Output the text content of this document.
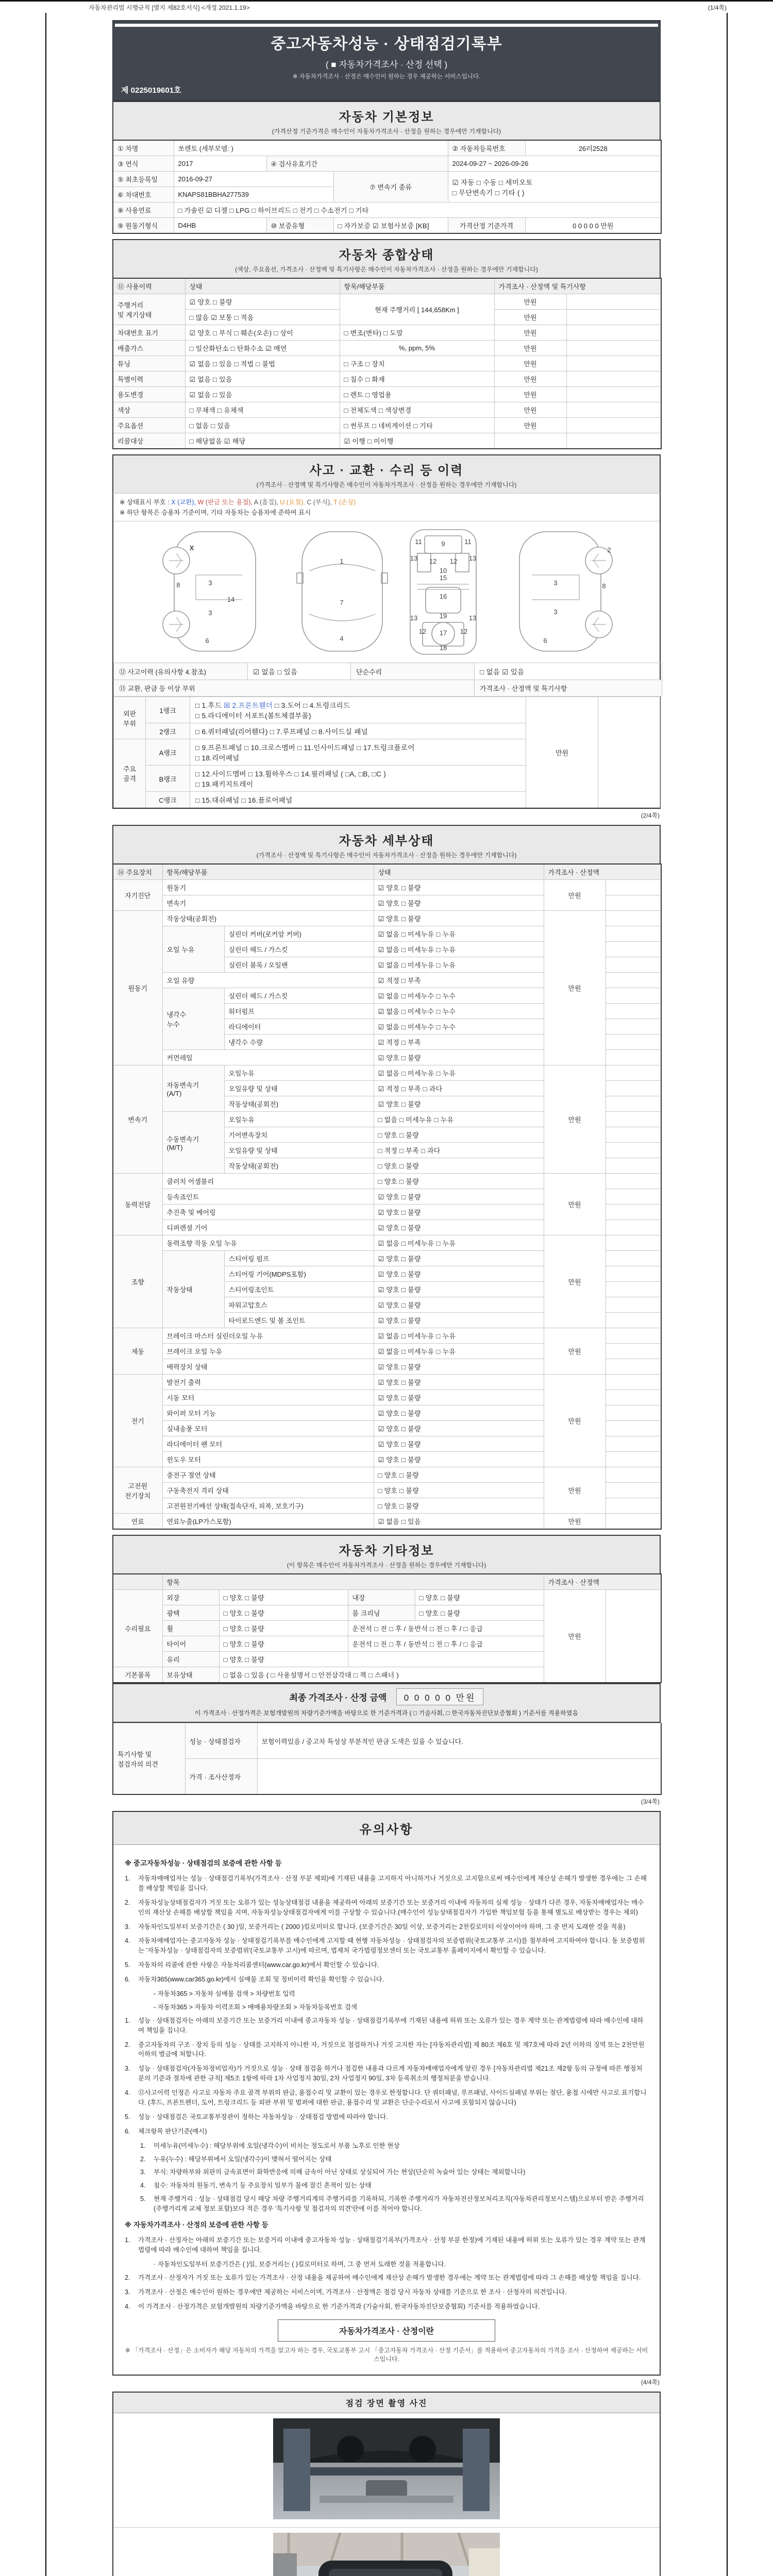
자동차관리법 시행규칙 [별지 제82호서식] <개정 2021.1.19>	(1/4쪽)
중고자동차성능 · 상태점검기록부
( ■ 자동차가격조사 · 산정 선택 )
※ 자동차가격조사 · 산정은 매수인이 원하는 경우 제공하는 서비스입니다.
제 0225019601호
자동차 기본정보
(가격산정 기준가격은 매수인이 자동차가격조사 · 산정을 원하는 경우에만 기재합니다)
① 차명	쏘렌토 (세부모델: )			② 자동차등록번호	26러2528
③ 연식	2017	④ 검사유효기간		2024-09-27 ~ 2026-09-26	
⑤ 최초등록일	2016-09-27		⑦ 변속기 종류	☑ 자동 □ 수동 □ 세미오토
□ 무단변속기 □ 기타 ( )	

⑥ 차대번호	KNAPS81BBHA277539				
⑧ 사용연료	□ 가솔린 ☑ 디젤 □ LPG □ 하이브리드 □ 전기 □ 수소전기 □ 기타				
⑨ 원동기형식	D4HB	⑩ 보증유형	□ 자가보증 ☑ 보험사보증 [KB]	가격산정 기준가격	0 0 0 0 0 만원
자동차 종합상태
(색상, 주요옵션, 가격조사 · 산정액 및 특기사항은 매수인이 자동차가격조사 · 산정을 원하는 경우에만 기재합니다)
⑪ 사용이력	상태	항목/해당부품	가격조사 · 산정액 및 특기사항	
주행거리
및 계기상태	☑ 양호 □ 불량	현재 주행거리 [ 144,658Km ]	만원	
	□ 많음 ☑ 보통 □ 적음		만원	
차대번호 표기	☑ 양호 □ 부식 □ 훼손(오손) □ 상이	□ 변조(변타) □ 도말	만원	
배출가스	□ 일산화탄소 □ 탄화수소 ☑ 매연	%, ppm, 5%	만원	
튜닝	☑ 없음 □ 있음 □ 적법 □ 불법	□ 구조 □ 장치	만원	
특별이력	☑ 없음 □ 있음	□ 침수 □ 화재	만원	
용도변경	☑ 없음 □ 있음	□ 렌트 □ 영업용	만원	
색상	□ 무채색 □ 유채색	□ 전체도색 □ 색상변경	만원	
주요옵션	□ 없음 □ 있음	□ 썬루프 □ 네비게이션 □ 기타	만원	
리콜대상	□ 해당없음 ☑ 해당	☑ 이행 □ 미이행		
사고 · 교환 · 수리 등 이력
(가격조사 · 산정액 및 특기사항은 매수인이 자동차가격조사 · 산정을 원하는 경우에만 기재합니다)
※ 상태표시 부호 : X (교환), W (판금 또는 용접), A (흠집), U (요철), C (부식), T (손상)
※ 하단 항목은 승용차 기준이며, 기타 자동차는 승용차에 준하여 표시
X
8	3
14
3
6
1
7
4
11	9	11
13 12 12 13
10
15
16
13	19	13
12 17 12
18
2
3	8
3
6
⑫ 사고이력 (유의사항 4.참조)	☑ 없음 □ 있음	단순수리	□ 없음 ☑ 있음
⑬ 교환, 판금 등 이상 부위			가격조사 · 산정액 및 특기사항
외판
부위	1랭크	
□ 1.후드 ☒ 2.프론트휀더 □ 3.도어 □ 4.트렁크리드
□ 5.라디에이터 서포트(볼트체결부품)
	만원	
	2랭크	□ 6.쿼터패널(리어휀다) □ 7.루프패널 □ 8.사이드실 패널		
주요
골격	A랭크	
□ 9.프론트패널 □ 10.크로스멤버 □ 11.인사이드패널 □ 17.트렁크플로어
□ 18.리어패널

	B랭크	□ 12.사이드멤버 □ 13.휠하우스 □ 14.필러패널 ( □A, □B, □C )
□ 19.패키지트레이		

	C랭크	□ 15.대쉬패널 □ 16.플로어패널		
(2/4쪽)
자동차 세부상태
(가격조사 · 산정액 및 특기사항은 매수인이 자동차가격조사 · 산정을 원하는 경우에만 기재합니다)
⑭ 주요장치	항목/해당부품		상태	가격조사 · 산정액	
자기진단	원동기		☑ 양호 □ 불량	만원	
	변속기		☑ 양호 □ 불량		
원동기	작동상태(공회전)		☑ 양호 □ 불량	만원	
	오일 누유	실린더 커버(로커암 커버)	☑ 없음 □ 미세누유 □ 누유		
		실린더 헤드 / 가스킷	☑ 없음 □ 미세누유 □ 누유		
		실린더 블록 / 오일팬	☑ 없음 □ 미세누유 □ 누유		
	오일 유량		☑ 적정 □ 부족		
	냉각수
누수	실린더 헤드 / 가스킷	☑ 없음 □ 미세누수 □ 누수		
		워터펌프	☑ 없음 □ 미세누수 □ 누수		
		라디에이터	☑ 없음 □ 미세누수 □ 누수		
		냉각수 수량	☑ 적정 □ 부족		
	커먼레일		☑ 양호 □ 불량		
변속기	자동변속기
(A/T)	오일누유	☑ 없음 □ 미세누유 □ 누유	만원	
		오일유량 및 상태	☑ 적정 □ 부족 □ 과다		
		작동상태(공회전)	☑ 양호 □ 불량		
	수동변속기
(M/T)	오일누유	□ 없음 □ 미세누유 □ 누유		
		기어변속장치	□ 양호 □ 불량		
		오일유량 및 상태	□ 적정 □ 부족 □ 과다		
		작동상태(공회전)	□ 양호 □ 불량		
동력전달	클러치 어셈블리		□ 양호 □ 불량	만원	
	등속죠인트		☑ 양호 □ 불량		
	추진축 및 베어링		☑ 양호 □ 불량		
	디퍼렌셜 기어		☑ 양호 □ 불량		
조향	동력조향 작동 오일 누유		☑ 없음 □ 미세누유 □ 누유	만원	
	작동상태	스티어링 펌프	☑ 양호 □ 불량		
		스티어링 기어(MDPS포함)	☑ 양호 □ 불량		
		스티어링조인트	☑ 양호 □ 불량		
		파워고압호스	☑ 양호 □ 불량		
		타이로드엔드 및 볼 조인트	☑ 양호 □ 불량		
제동	브레이크 마스터 실린더오일 누유		☑ 없음 □ 미세누유 □ 누유	만원	
	브레이크 오일 누유		☑ 없음 □ 미세누유 □ 누유		
	배력장치 상태		☑ 양호 □ 불량		
전기	발전기 출력		☑ 양호 □ 불량	만원	
	시동 모터		☑ 양호 □ 불량		
	와이퍼 모터 기능		☑ 양호 □ 불량		
	실내송풍 모터		☑ 양호 □ 불량		
	라디에이터 팬 모터		☑ 양호 □ 불량		
	윈도우 모터		☑ 양호 □ 불량		
고전원
전기장치	충전구 절연 상태		□ 양호 □ 불량	만원	
	구동축전지 격리 상태		□ 양호 □ 불량		
	고전원전기배선 상태(접속단자, 피복, 보호기구)		□ 양호 □ 불량		
연료	연료누출(LP가스포함)		☑ 없음 □ 있음	만원	
자동차 기타정보
(이 항목은 매수인이 자동차가격조사 · 산정을 원하는 경우에만 기재합니다)
	항목				가격조사 · 산정액	
수리필요	외장	□ 양호 □ 불량	내장	□ 양호 □ 불량	만원	
	광택	□ 양호 □ 불량	룸 크리닝	□ 양호 □ 불량		
	휠	□ 양호 □ 불량	운전석 □ 전 □ 후 / 동반석 □ 전 □ 후 / □ 응급			
	타이어	□ 양호 □ 불량	운전석 □ 전 □ 후 / 동반석 □ 전 □ 후 / □ 응급			
	유리	□ 양호 □ 불량				
기본품목	보유상태	□ 없음 □ 있음 ( □ 사용설명서 □ 안전삼각대 □ 잭 □ 스패너 )				
최종 가격조사 · 산정 금액 0 0 0 0 0 만원
이 가격조사 · 산정가격은 보험개발원의 차량기준가액을 바탕으로 한 기준가격과 ( □ 기술사회, □ 한국자동차진단보증협회 ) 기준서를 적용하였음
특기사항 및
점검자의 의견	성능 · 상태점검자	보험이력있음 / 중고차 특성상 부분적인 판금 도색은 있을 수 있습니다.
	가격 · 조사산정자	
(3/4쪽)
유의사항
※ 중고자동차성능 · 상태점검의 보증에 관한 사항 등
1.	자동차매매업자는 성능 · 상태점검기록부(가격조사 · 산정 부분 제외)에 기재된 내용을 고지하지 아니하거나 거짓으로 고지함으로써 매수인에게 재산상 손해가 발생한 경우에는 그 손해를 배상할 책임을 집니다.
2.	자동차성능상태점검자가 거짓 또는 오류가 있는 성능상태점검 내용을 제공하여 아래의 보증기간 또는 보증거리 이내에 자동차의 실제 성능 · 상태가 다른 경우, 자동차매매업자는 매수인의 재산상 손해를 배상할 책임을 지며, 자동차성능상태점검자에게 이를 구상할 수 있습니다.(매수인이 성능상태점검자가 가입한 책임보험 등을 통해 별도로 배상받는 경우는 제외)
3.	자동차인도일부터 보증기간은 ( 30 )일, 보증거리는 ( 2000 )킬로미터로 합니다. (보증기간은 30일 이상, 보증거리는 2천킬로미터 이상이어야 하며, 그 중 먼저 도래한 것을 적용)
4.	자동차매매업자는 중고자동차 성능 · 상태점검기록부를 매수인에게 고지할 때 현행 자동차성능 · 상태점검자의 보증범위(국토교통부 고시)를 첨부하여 고지하여야 합니다. 동 보증범위는 '자동차성능 · 상태점검자의 보증범위'(국토교통부 고시)에 따르며, 법제처 국가법령정보센터 또는 국토교통부 홈페이지에서 확인할 수 있습니다.
5.	자동차의 리콜에 관한 사항은 자동차리콜센터(www.car.go.kr)에서 확인할 수 있습니다.
6.	자동차365(www.car365.go.kr)에서 실매물 조회 및 정비이력 확인을 확인할 수 있습니다.
- 자동차365 > 자동차 실매물 검색 > 차량번호 입력
- 자동차365 > 자동차 이력조회 > 매매용차량조회 > 자동차등록번호 검색
1.	성능 · 상태점검자는 아래의 보증기간 또는 보증거리 이내에 중고자동차 성능 · 상태점검기록부에 기재된 내용에 허위 또는 오류가 있는 경우 계약 또는 관계법령에 따라 매수인에 대하여 책임을 집니다.
2.	중고자동차의 구조 · 장치 등의 성능 · 상태를 고지하지 아니한 자, 거짓으로 점검하거나 거짓 고지한 자는 [자동차관리법] 제 80조 제6호 및 제7호에 따라 2년 이하의 징역 또는 2천만원 이하의 벌금에 처합니다.
3.	성능 · 상태점검자(자동차정비업자)가 거짓으로 성능 · 상태 점검을 하거나 점검한 내용과 다르게 자동차매매업자에게 알린 경우 [자동차관리법 제21조 제2항 등의 규정에 따른 행정처분의 기준과 절차에 관한 규칙] 제5조 1항에 따라 1차 사업정지 30일, 2차 사업정지 90일, 3차 등록취소의 행정처분을 받습니다.
4.	⑫사고이력 인정은 사고로 자동차 주요 골격 부위의 판금, 용접수리 및 교환이 있는 경우로 한정합니다. 단 쿼터패널, 루프패널, 사이드실패널 부위는 절단, 용접 시에만 사고로 표기합니다. (후드, 프론트펜더, 도어, 트렁크리드 등 외판 부위 및 범퍼에 대한 판금, 용접수리 및 교환은 단순수리로서 사고에 포함되지 않습니다)
5.	성능 · 상태점검은 국토교통부장관이 정하는 자동차성능 · 상태점검 방법에 따라야 합니다.
6.	체크항목 판단기준(예시)
1.	미세누유(미세누수) : 해당부위에 오일(냉각수)이 비치는 정도로서 부품 노후로 인한 현상
2.	누유(누수) : 해당부위에서 오일(냉각수)이 맺혀서 떨어지는 상태
3.	부식: 차량하부와 외판의 금속표면이 화학반응에 의해 금속이 아닌 상태로 상실되어 가는 현상(단순히 녹슬어 있는 상태는 제외합니다)
4.	침수: 자동차의 원동기, 변속기 등 주요장치 일부가 물에 잠긴 흔적이 있는 상태
5.	현재 주행거리 : 성능 · 상태점검 당시 해당 차량 주행거리계의 주행거리를 기록하되, 기록한 주행거리가 자동차전산정보처리조직(자동차관리정보시스템)으로부터 받은 주행거리(주행거리계 교체 정보 포함)보다 적은 경우 '특기사항 및 점검자의 의견'란에 이를 적어야 합니다.
※ 자동차가격조사 · 산정의 보증에 관한 사항 등
1.	가격조사 · 산정자는 아래의 보증기간 또는 보증거리 이내에 중고자동차 성능 · 상태점검기록부(가격조사 · 산정 부분 한정)에 기재된 내용에 허위 또는 오류가 있는 경우 계약 또는 관계법령에 따라 매수인에 대하여 책임을 집니다.
· 자동차인도일부터 보증기간은 ( )일, 보증거리는 ( )킬로미터로 하며, 그 중 먼저 도래한 것을 적용합니다.
2.	가격조사 · 산정자가 거짓 또는 오류가 있는 가격조사 · 산정 내용을 제공하여 매수인에게 재산상 손해가 발생한 경우에는 계약 또는 관계법령에 따라 그 손해를 배상할 책임을 집니다.
3.	가격조사 · 산정은 매수인이 원하는 경우에만 제공하는 서비스이며, 가격조사 · 산정액은 점검 당시 자동차 상태를 기준으로 한 조사 · 산정자의 의견입니다.
4.	이 가격조사 · 산정가격은 보험개발원의 차량기준가액을 바탕으로 한 기준가격과 (기술사회, 한국자동차진단보증협회) 기준서를 적용하였습니다.
자동차가격조사 · 산정이란
※ 「가격조사 · 산정」은 소비자가 해당 자동차의 가격을 알고자 하는 경우, 국토교통부 고시 「중고자동차 가격조사 · 산정 기준서」를 적용하여 중고자동차의 가격을 조사 · 산정하여 제공하는 서비스입니다.
(4/4쪽)
점검 장면 촬영 사진
